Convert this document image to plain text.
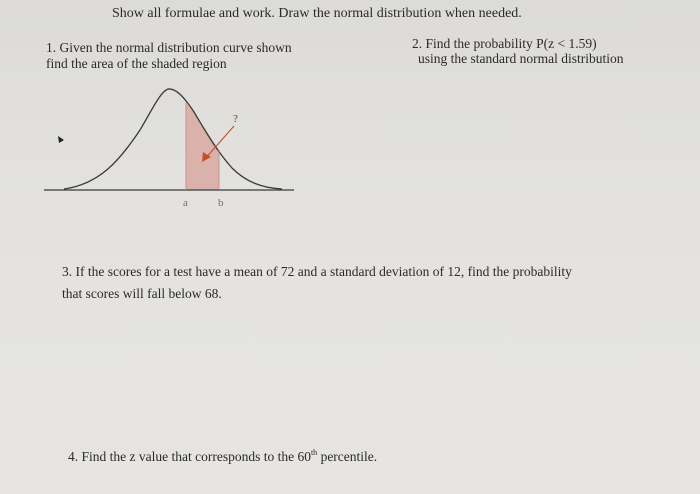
Show all formulae and work. Draw the normal distribution when needed.
1. Given the normal distribution curve shown
find the area of the shaded region
2. Find the probability P(z < 1.59)
using the standard normal distribution
?
a	b
3. If the scores for a test have a mean of 72 and a standard deviation of 12, find the probability
that scores will fall below 68.
4. Find the z value that corresponds to the 60th percentile.
